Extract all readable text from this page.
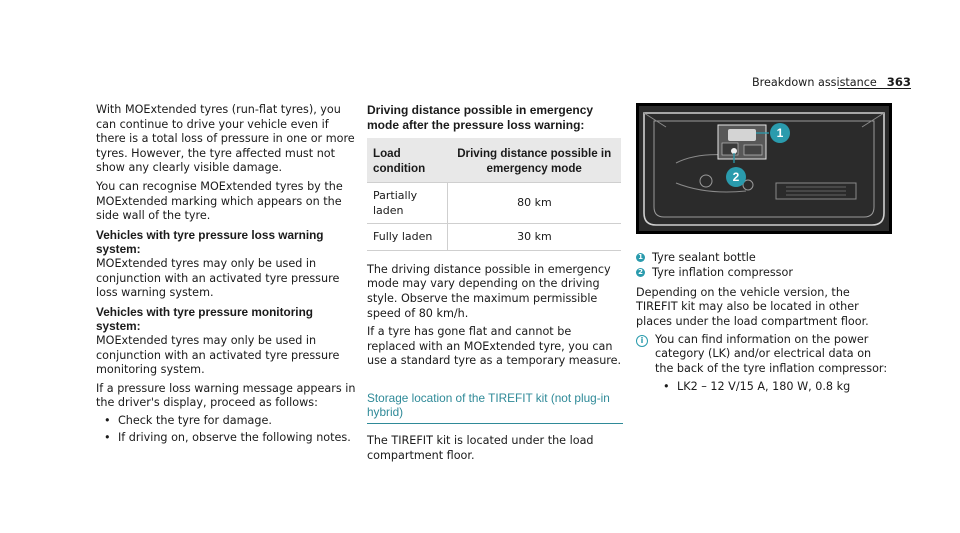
Breakdown assistance 363

With MOExtended tyres (run-flat tyres), you can continue to drive your vehicle even if there is a total loss of pressure in one or more tyres. However, the tyre affected must not show any clearly visible damage.

You can recognise MOExtended tyres by the MOExtended marking which appears on the side wall of the tyre.

Vehicles with tyre pressure loss warning system:

MOExtended tyres may only be used in conjunction with an activated tyre pressure loss warning system.

Vehicles with tyre pressure monitoring system:

MOExtended tyres may only be used in conjunction with an activated tyre pressure monitoring system.

If a pressure loss warning message appears in the driver's display, proceed as follows:

• Check the tyre for damage.
• If driving on, observe the following notes.

Driving distance possible in emergency mode after the pressure loss warning:

Load condition	Driving distance possible in emergency mode
Partially laden	80 km
Fully laden	30 km

The driving distance possible in emergency mode may vary depending on the driving style. Observe the maximum permissible speed of 80 km/h.

If a tyre has gone flat and cannot be replaced with an MOExtended tyre, you can use a standard tyre as a temporary measure.

Storage location of the TIREFIT kit (not plug-in hybrid)

The TIREFIT kit is located under the load compartment floor.

1
2
1 Tyre sealant bottle
2 Tyre inflation compressor

Depending on the vehicle version, the TIREFIT kit may also be located in other places under the load compartment floor.

i	You can find information on the power category (LK) and/or electrical data on the back of the tyre inflation compressor:

• LK2 – 12 V/15 A, 180 W, 0.8 kg
